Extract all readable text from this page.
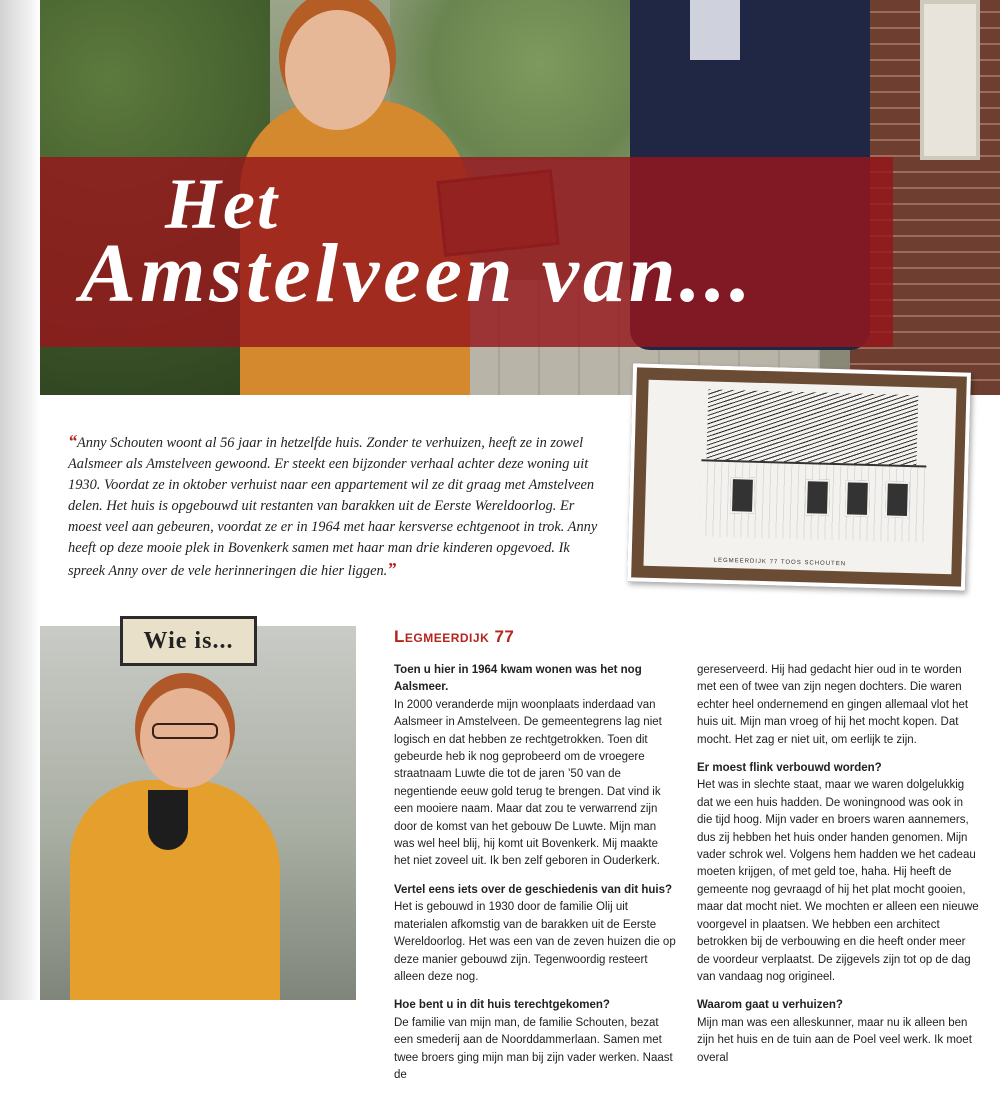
Het
Amstelveen van...

“Anny Schouten woont al 56 jaar in hetzelfde huis. Zonder te verhuizen, heeft ze in zowel Aalsmeer als Amstelveen gewoond. Er steekt een bijzonder verhaal achter deze woning uit 1930. Voordat ze in oktober verhuist naar een appartement wil ze dit graag met Amstelveen delen. Het huis is opgebouwd uit restanten van barakken uit de Eerste Wereldoorlog. Er moest veel aan gebeuren, voordat ze er in 1964 met haar kersverse echtgenoot in trok. Anny heeft op deze mooie plek in Bovenkerk samen met haar man drie kinderen opgevoed. Ik spreek Anny over de vele herinneringen die hier liggen.”	LEGMEERDIJK 77 TOOS SCHOUTEN
Wie is...	Legmeerdijk 77

Toen u hier in 1964 kwam wonen was het nog Aalsmeer.
In 2000 veranderde mijn woonplaats inderdaad van Aalsmeer in Amstelveen. De gemeentegrens lag niet logisch en dat hebben ze rechtgetrokken. Toen dit gebeurde heb ik nog geprobeerd om de vroegere straatnaam Luwte die tot de jaren ’50 van de negentiende eeuw gold terug te brengen. Dat vind ik een mooiere naam. Maar dat zou te verwarrend zijn door de komst van het gebouw De Luwte. Mijn man was wel heel blij, hij komt uit Bovenkerk. Mij maakte het niet zoveel uit. Ik ben zelf geboren in Ouderkerk.

Vertel eens iets over de geschiedenis van dit huis?
Het is gebouwd in 1930 door de familie Olij uit materialen afkomstig van de barakken uit de Eerste Wereldoorlog. Het was een van de zeven huizen die op deze manier gebouwd zijn. Tegenwoordig resteert alleen deze nog.

Hoe bent u in dit huis terechtgekomen?
De familie van mijn man, de familie Schouten, bezat een smederij aan de Noorddammerlaan. Samen met twee broers ging mijn man bij zijn vader werken. Naast de

gereserveerd. Hij had gedacht hier oud in te worden met een of twee van zijn negen dochters. Die waren echter heel ondernemend en gingen allemaal vlot het huis uit. Mijn man vroeg of hij het mocht kopen. Dat mocht. Het zag er niet uit, om eerlijk te zijn.

Er moest flink verbouwd worden?
Het was in slechte staat, maar we waren dolgelukkig dat we een huis hadden. De woningnood was ook in die tijd hoog. Mijn vader en broers waren aannemers, dus zij hebben het huis onder handen genomen. Mijn vader schrok wel. Volgens hem hadden we het cadeau moeten krijgen, of met geld toe, haha. Hij heeft de gemeente nog gevraagd of hij het plat mocht gooien, maar dat mocht niet. We mochten er alleen een nieuwe voorgevel in plaatsen. We hebben een architect betrokken bij de verbouwing en die heeft onder meer de voordeur verplaatst. De zijgevels zijn tot op de dag van vandaag nog origineel.

Waarom gaat u verhuizen?
Mijn man was een alleskunner, maar nu ik alleen ben zijn het huis en de tuin aan de Poel veel werk. Ik moet overal
